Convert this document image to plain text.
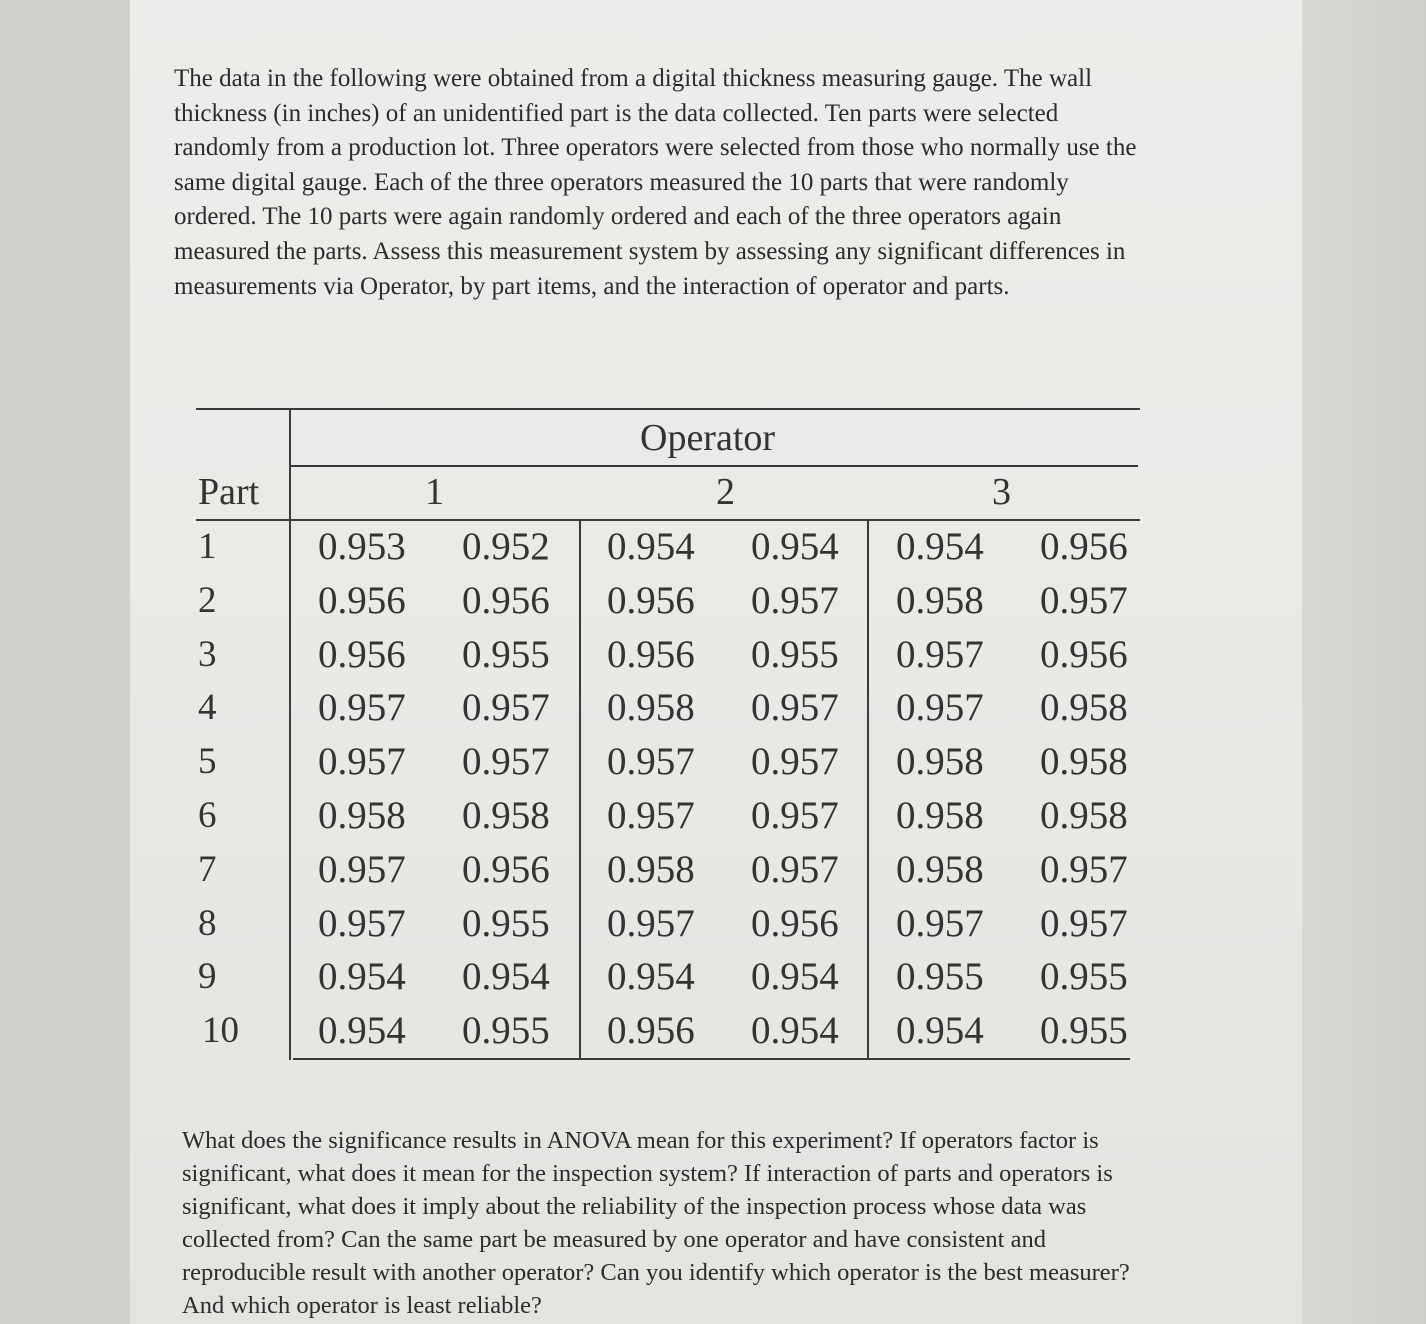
The data in the following were obtained from a digital thickness measuring gauge. The wall thickness (in inches) of an unidentified part is the data collected. Ten parts were selected randomly from a production lot. Three operators were selected from those who normally use the same digital gauge. Each of the three operators measured the 10 parts that were randomly ordered. The 10 parts were again randomly ordered and each of the three operators again measured the parts. Assess this measurement system by assessing any significant differences in measurements via Operator, by part items, and the interaction of operator and parts.

Operator
Part	1	2	3
1	0.953 0.952 0.954 0.954 0.954 0.956
2	0.956 0.956 0.956 0.957 0.958 0.957
3	0.956 0.955 0.956 0.955 0.957 0.956
4	0.957 0.957 0.958 0.957 0.957 0.958
5	0.957 0.957 0.957 0.957 0.958 0.958
6	0.958 0.958 0.957 0.957 0.958 0.958
7	0.957 0.956 0.958 0.957 0.958 0.957
8	0.957 0.955 0.957 0.956 0.957 0.957
9	0.954 0.954 0.954 0.954 0.955 0.955
10 0.954 0.955 0.956 0.954 0.954 0.955

What does the significance results in ANOVA mean for this experiment? If operators factor is significant, what does it mean for the inspection system? If interaction of parts and operators is significant, what does it imply about the reliability of the inspection process whose data was collected from? Can the same part be measured by one operator and have consistent and reproducible result with another operator? Can you identify which operator is the best measurer? And which operator is least reliable?
